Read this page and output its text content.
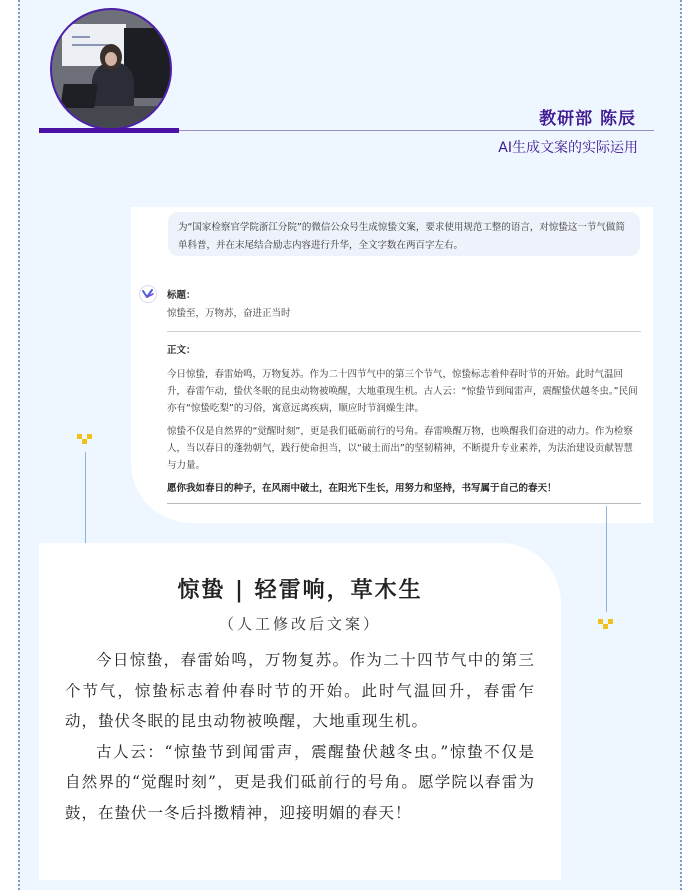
教研部 陈辰
AI生成文案的实际运用
为“国家检察官学院浙江分院”的微信公众号生成惊蛰文案，要求使用规范工整的语言，对惊蛰这一节气做简单科普，并在末尾结合励志内容进行升华，全文字数在两百字左右。

标题：

惊蛰至，万物苏，奋进正当时

正文：

今日惊蛰，春雷始鸣，万物复苏。作为二十四节气中的第三个节气，惊蛰标志着仲春时节的开始。此时气温回升，春雷乍动，蛰伏冬眠的昆虫动物被唤醒，大地重现生机。古人云：“惊蛰节到闻雷声，震醒蛰伏越冬虫。”民间亦有“惊蛰吃梨”的习俗，寓意远离疾病，顺应时节润燥生津。

惊蛰不仅是自然界的“觉醒时刻”，更是我们砥砺前行的号角。春雷唤醒万物，也唤醒我们奋进的动力。作为检察人，当以春日的蓬勃朝气，践行使命担当，以“破土而出”的坚韧精神，不断提升专业素养，为法治建设贡献智慧与力量。

愿你我如春日的种子，在风雨中破土，在阳光下生长，用努力和坚持，书写属于自己的春天！

惊蛰 | 轻雷响，草木生
（人工修改后文案）

今日惊蛰，春雷始鸣，万物复苏。作为二十四节气中的第三个节气，惊蛰标志着仲春时节的开始。此时气温回升，春雷乍动，蛰伏冬眠的昆虫动物被唤醒，大地重现生机。

古人云：“惊蛰节到闻雷声，震醒蛰伏越冬虫。”惊蛰不仅是自然界的“觉醒时刻”，更是我们砥前行的号角。愿学院以春雷为鼓，在蛰伏一冬后抖擞精神，迎接明媚的春天！
